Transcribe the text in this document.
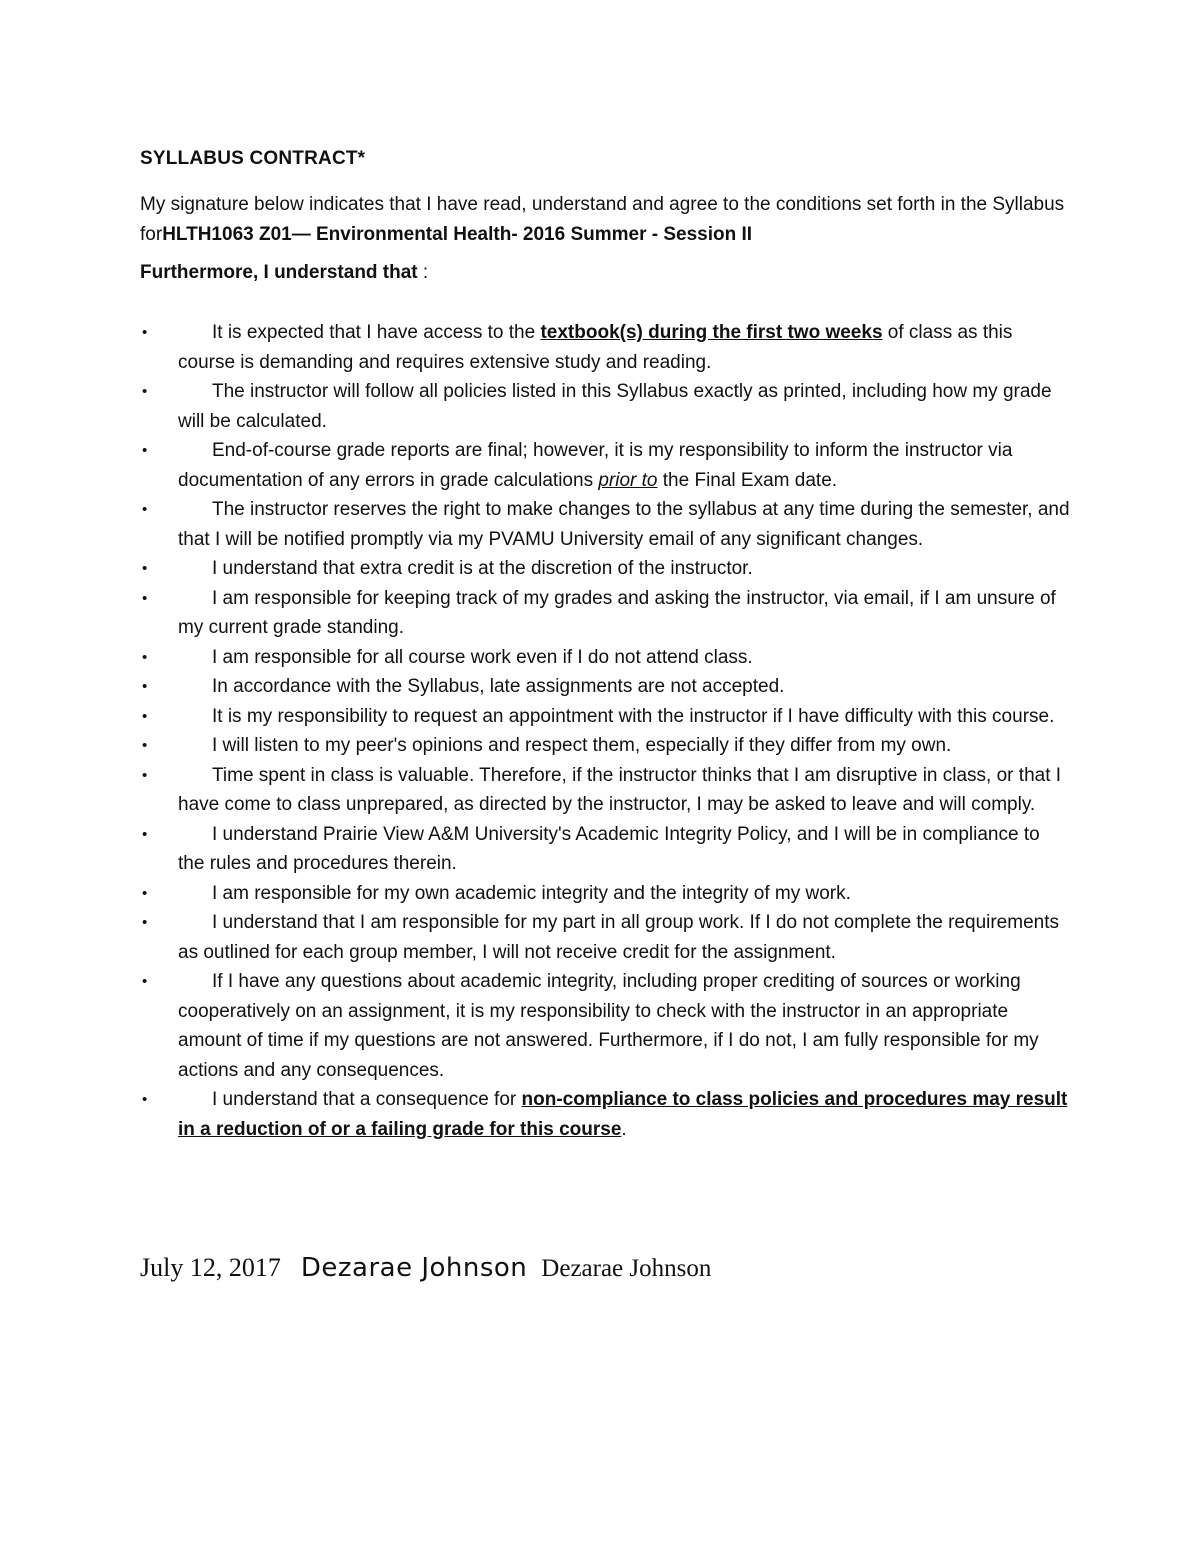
SYLLABUS CONTRACT*
My signature below indicates that I have read, understand and agree to the conditions set forth in the Syllabus forHLTH1063 Z01— Environmental Health- 2016 Summer - Session II
Furthermore, I understand that :
•	It is expected that I have access to the textbook(s) during the first two weeks of class as this course is demanding and requires extensive study and reading.
•	The instructor will follow all policies listed in this Syllabus exactly as printed, including how my grade will be calculated.
•	End-of-course grade reports are final; however, it is my responsibility to inform the instructor via documentation of any errors in grade calculations prior to the Final Exam date.
•	The instructor reserves the right to make changes to the syllabus at any time during the semester, and that I will be notified promptly via my PVAMU University email of any significant changes.
•	I understand that extra credit is at the discretion of the instructor.
•	I am responsible for keeping track of my grades and asking the instructor, via email, if I am unsure of my current grade standing.
•	I am responsible for all course work even if I do not attend class.
•	In accordance with the Syllabus, late assignments are not accepted.
•	It is my responsibility to request an appointment with the instructor if I have difficulty with this course.
•	I will listen to my peer's opinions and respect them, especially if they differ from my own.
•	Time spent in class is valuable. Therefore, if the instructor thinks that I am disruptive in class, or that I have come to class unprepared, as directed by the instructor, I may be asked to leave and will comply.
•	I understand Prairie View A&M University's Academic Integrity Policy, and I will be in compliance to the rules and procedures therein.
•	I am responsible for my own academic integrity and the integrity of my work.
•	I understand that I am responsible for my part in all group work. If I do not complete the requirements as outlined for each group member, I will not receive credit for the assignment.
•	If I have any questions about academic integrity, including proper crediting of sources or working cooperatively on an assignment, it is my responsibility to check with the instructor in an appropriate amount of time if my questions are not answered. Furthermore, if I do not, I am fully responsible for my actions and any consequences.
•	I understand that a consequence for non-compliance to class policies and procedures may result in a reduction of or a failing grade for this course.
July 12, 2017 Dezarae Johnson Dezarae Johnson
